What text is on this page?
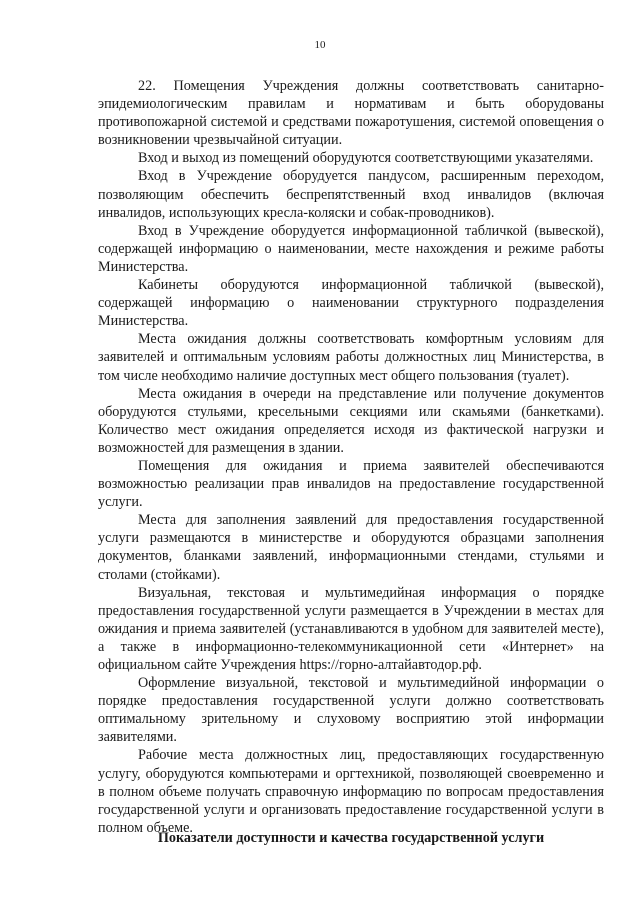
10

22. Помещения Учреждения должны соответствовать санитарно-эпидемиологическим правилам и нормативам и быть оборудованы противопожарной системой и средствами пожаротушения, системой оповещения о возникновении чрезвычайной ситуации.

Вход и выход из помещений оборудуются соответствующими указателями.

Вход в Учреждение оборудуется пандусом, расширенным переходом, позволяющим обеспечить беспрепятственный вход инвалидов (включая инвалидов, использующих кресла-коляски и собак-проводников).

Вход в Учреждение оборудуется информационной табличкой (вывеской), содержащей информацию о наименовании, месте нахождения и режиме работы Министерства.

Кабинеты оборудуются информационной табличкой (вывеской), содержащей информацию о наименовании структурного подразделения Министерства.

Места ожидания должны соответствовать комфортным условиям для заявителей и оптимальным условиям работы должностных лиц Министерства, в том числе необходимо наличие доступных мест общего пользования (туалет).

Места ожидания в очереди на представление или получение документов оборудуются стульями, кресельными секциями или скамьями (банкетками). Количество мест ожидания определяется исходя из фактической нагрузки и возможностей для размещения в здании.

Помещения для ожидания и приема заявителей обеспечиваются возможностью реализации прав инвалидов на предоставление государственной услуги.

Места для заполнения заявлений для предоставления государственной услуги размещаются в министерстве и оборудуются образцами заполнения документов, бланками заявлений, информационными стендами, стульями и столами (стойками).

Визуальная, текстовая и мультимедийная информация о порядке предоставления государственной услуги размещается в Учреждении в местах для ожидания и приема заявителей (устанавливаются в удобном для заявителей месте), а также в информационно-телекоммуникационной сети «Интернет» на официальном сайте Учреждения https://горно-алтайавтодор.рф.

Оформление визуальной, текстовой и мультимедийной информации о порядке предоставления государственной услуги должно соответствовать оптимальному зрительному и слуховому восприятию этой информации заявителями.

Рабочие места должностных лиц, предоставляющих государственную услугу, оборудуются компьютерами и оргтехникой, позволяющей своевременно и в полном объеме получать справочную информацию по вопросам предоставления государственной услуги и организовать предоставление государственной услуги в полном объеме.

Показатели доступности и качества государственной услуги
